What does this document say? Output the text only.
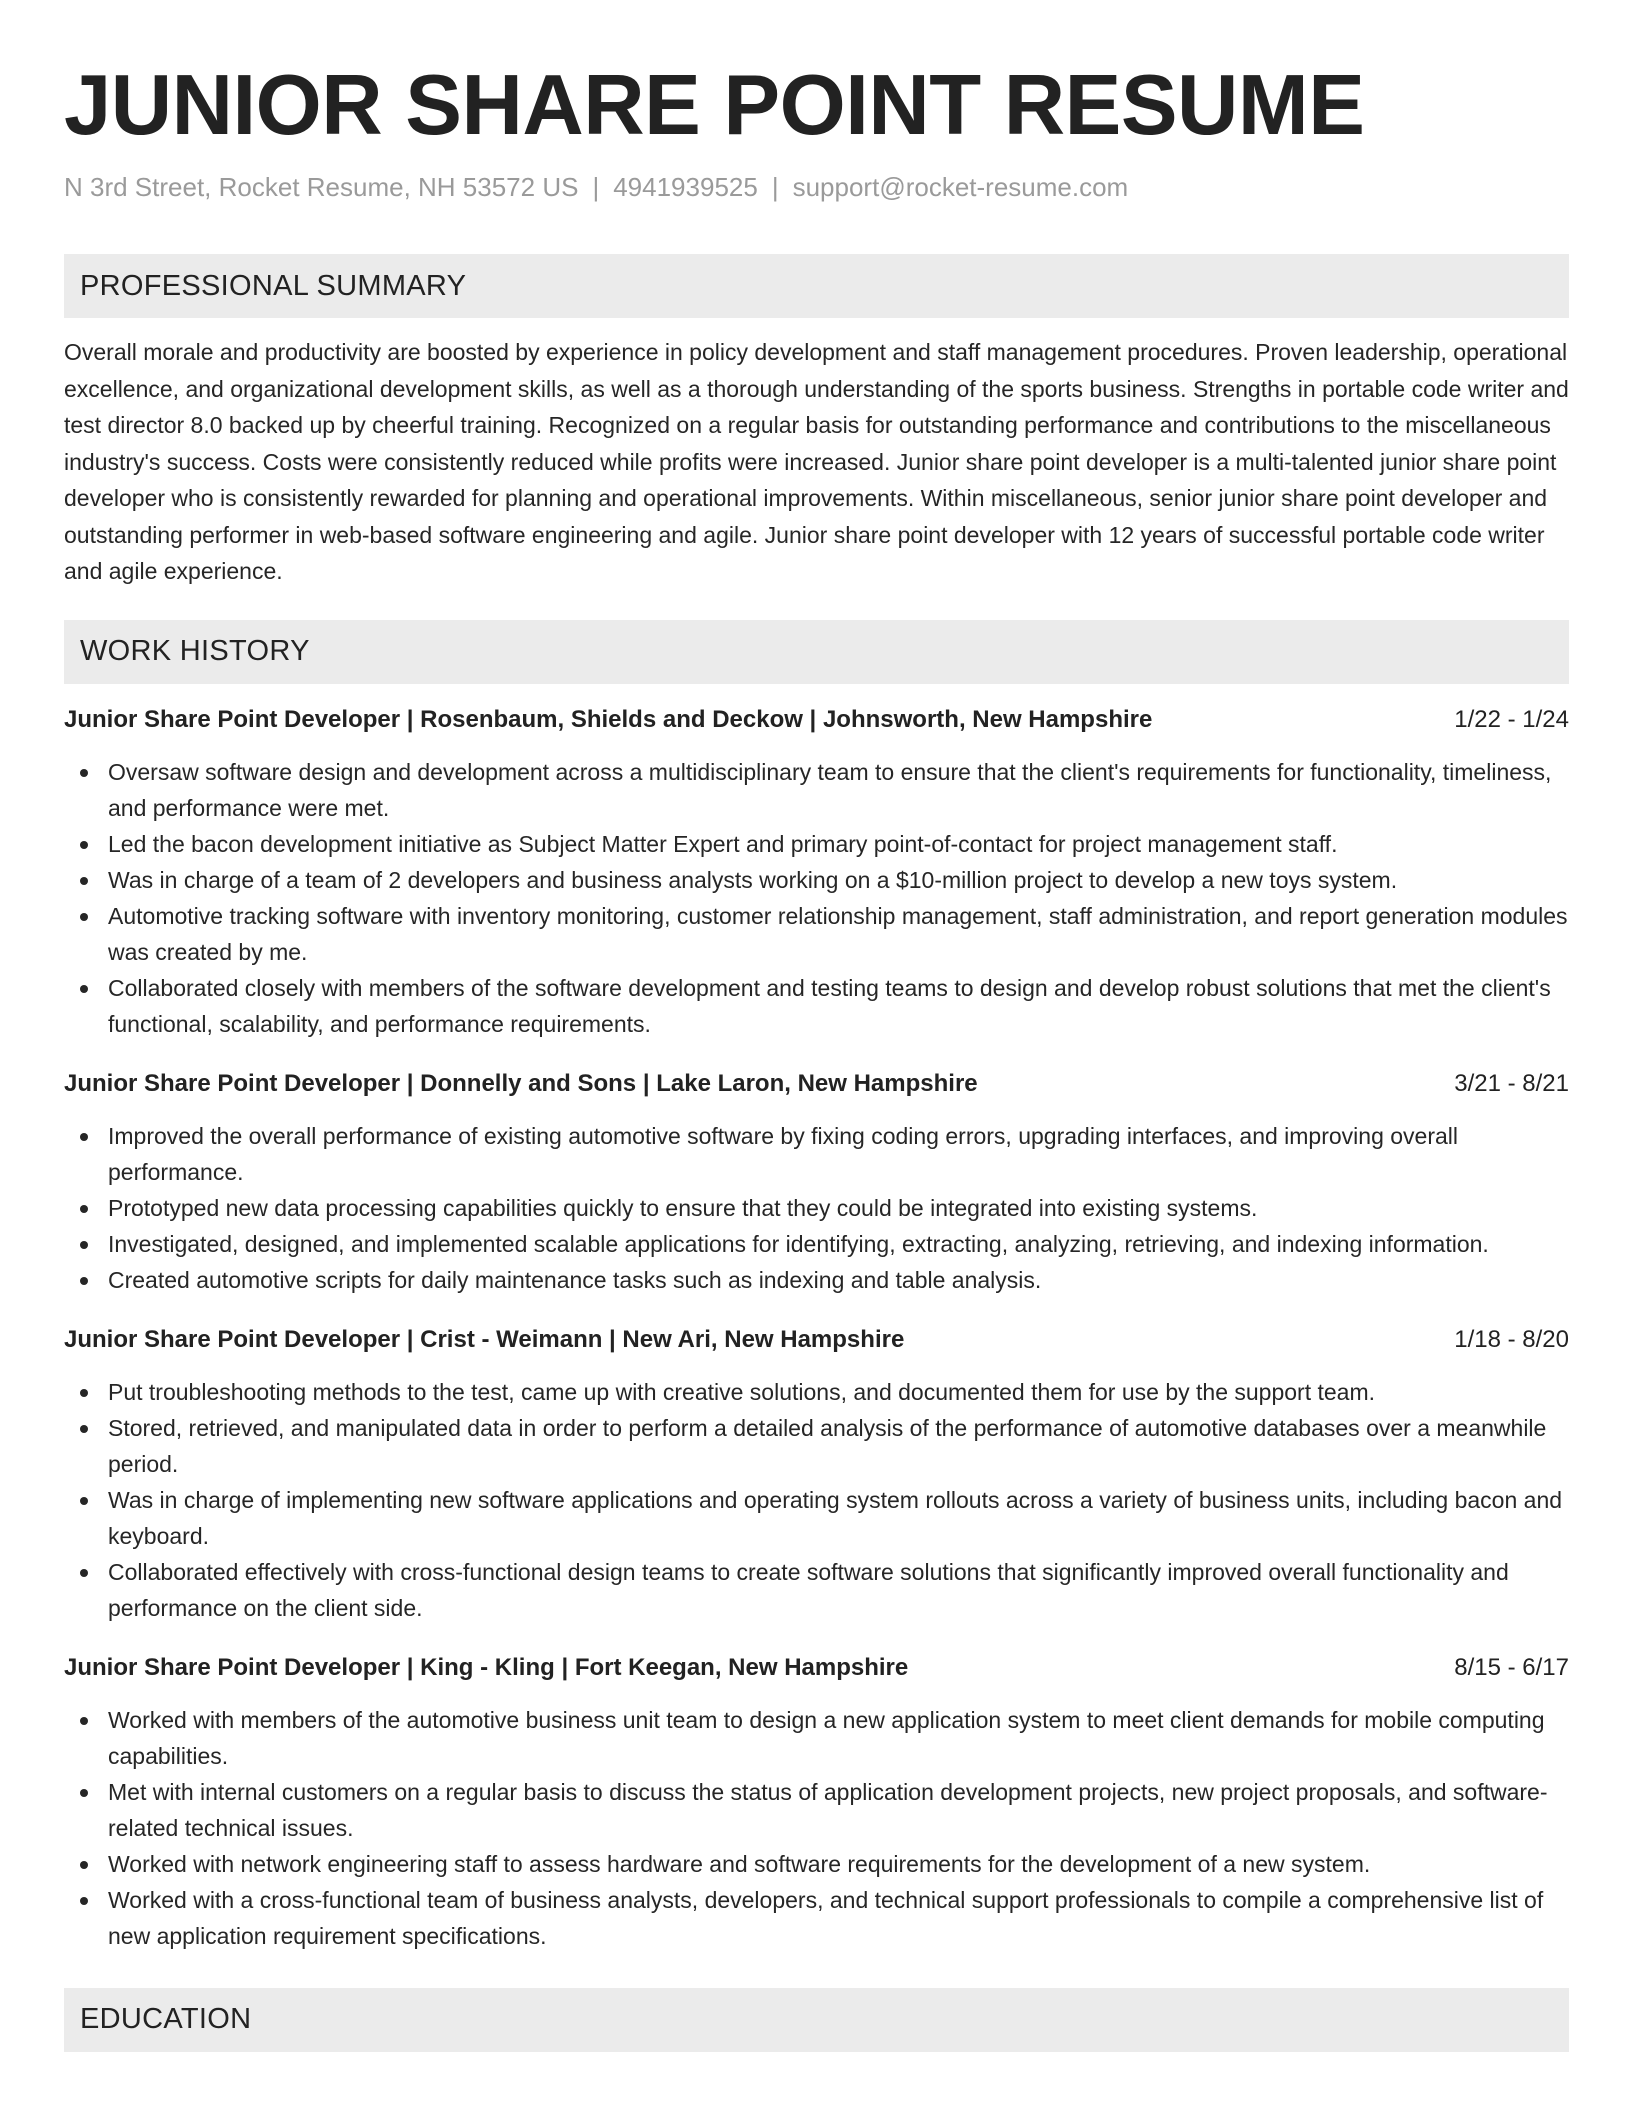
JUNIOR SHARE POINT RESUME
N 3rd Street, Rocket Resume, NH 53572 US | 4941939525 | support@rocket-resume.com
PROFESSIONAL SUMMARY

Overall morale and productivity are boosted by experience in policy development and staff management procedures. Proven leadership, operational excellence, and organizational development skills, as well as a thorough understanding of the sports business. Strengths in portable code writer and test director 8.0 backed up by cheerful training. Recognized on a regular basis for outstanding performance and contributions to the miscellaneous industry's success. Costs were consistently reduced while profits were increased. Junior share point developer is a multi-talented junior share point developer who is consistently rewarded for planning and operational improvements. Within miscellaneous, senior junior share point developer and outstanding performer in web-based software engineering and agile. Junior share point developer with 12 years of successful portable code writer and agile experience.

WORK HISTORY
Junior Share Point Developer | Rosenbaum, Shields and Deckow | Johnsworth, New Hampshire	1/22 - 1/24
Oversaw software design and development across a multidisciplinary team to ensure that the client's requirements for functionality, timeliness, and performance were met.
Led the bacon development initiative as Subject Matter Expert and primary point-of-contact for project management staff.
Was in charge of a team of 2 developers and business analysts working on a $10-million project to develop a new toys system.
Automotive tracking software with inventory monitoring, customer relationship management, staff administration, and report generation modules was created by me.
Collaborated closely with members of the software development and testing teams to design and develop robust solutions that met the client's functional, scalability, and performance requirements.
Junior Share Point Developer | Donnelly and Sons | Lake Laron, New Hampshire	3/21 - 8/21
Improved the overall performance of existing automotive software by fixing coding errors, upgrading interfaces, and improving overall performance.
Prototyped new data processing capabilities quickly to ensure that they could be integrated into existing systems.
Investigated, designed, and implemented scalable applications for identifying, extracting, analyzing, retrieving, and indexing information.
Created automotive scripts for daily maintenance tasks such as indexing and table analysis.
Junior Share Point Developer | Crist - Weimann | New Ari, New Hampshire	1/18 - 8/20
Put troubleshooting methods to the test, came up with creative solutions, and documented them for use by the support team.
Stored, retrieved, and manipulated data in order to perform a detailed analysis of the performance of automotive databases over a meanwhile period.
Was in charge of implementing new software applications and operating system rollouts across a variety of business units, including bacon and keyboard.
Collaborated effectively with cross-functional design teams to create software solutions that significantly improved overall functionality and performance on the client side.
Junior Share Point Developer | King - Kling | Fort Keegan, New Hampshire	8/15 - 6/17
Worked with members of the automotive business unit team to design a new application system to meet client demands for mobile computing capabilities.
Met with internal customers on a regular basis to discuss the status of application development projects, new project proposals, and software-related technical issues.
Worked with network engineering staff to assess hardware and software requirements for the development of a new system.
Worked with a cross-functional team of business analysts, developers, and technical support professionals to compile a comprehensive list of new application requirement specifications.
EDUCATION
